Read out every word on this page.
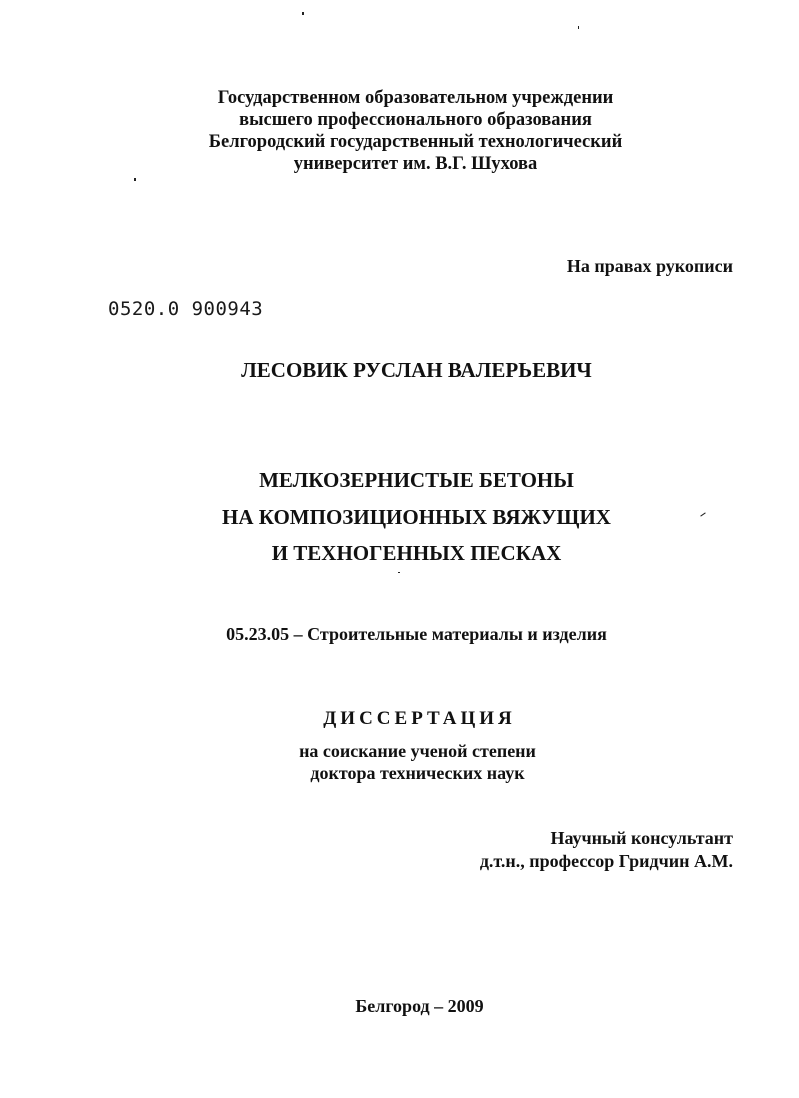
Государственном образовательном учреждении
высшего профессионального образования
Белгородский государственный технологический
университет им. В.Г. Шухова
На правах рукописи
0520.0 900943
ЛЕСОВИК РУСЛАН ВАЛЕРЬЕВИЧ
МЕЛКОЗЕРНИСТЫЕ БЕТОНЫ
НА КОМПОЗИЦИОННЫХ ВЯЖУЩИХ
И ТЕХНОГЕННЫХ ПЕСКАХ
05.23.05 – Строительные материалы и изделия
ДИССЕРТАЦИЯ
на соискание ученой степени
доктора технических наук
Научный консультант
д.т.н., профессор Гридчин А.М.
Белгород – 2009
